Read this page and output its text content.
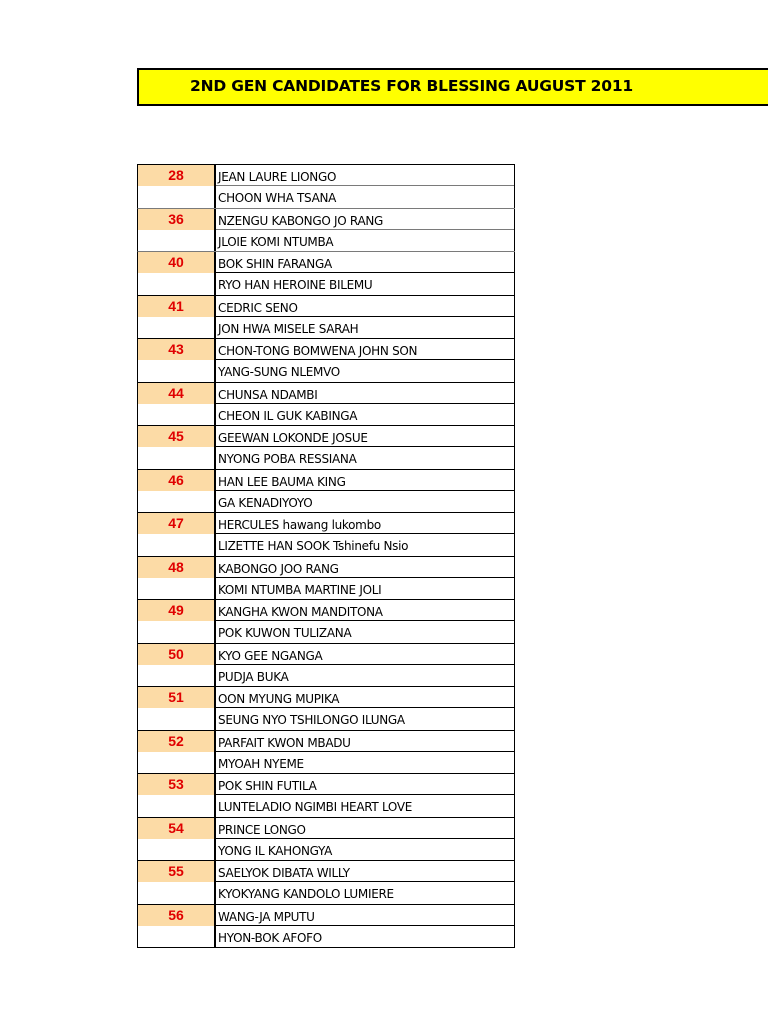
2ND GEN CANDIDATES FOR BLESSING AUGUST 2011
28	JEAN LAURE LIONGO
CHOON WHA TSANA
36	NZENGU KABONGO JO RANG
JLOIE KOMI NTUMBA
40	BOK SHIN FARANGA
RYO HAN HEROINE BILEMU
41	CEDRIC SENO
JON HWA MISELE SARAH
43	CHON-TONG BOMWENA JOHN SON
YANG-SUNG NLEMVO
44	CHUNSA NDAMBI
CHEON IL GUK KABINGA
45	GEEWAN LOKONDE JOSUE
NYONG POBA RESSIANA
46	HAN LEE BAUMA KING
GA KENADIYOYO
47	HERCULES hawang lukombo
LIZETTE HAN SOOK Tshinefu Nsio
48	KABONGO JOO RANG
KOMI NTUMBA MARTINE JOLI
49	KANGHA KWON MANDITONA
POK KUWON TULIZANA
50	KYO GEE NGANGA
PUDJA BUKA
51	OON MYUNG MUPIKA
SEUNG NYO TSHILONGO ILUNGA
52	PARFAIT KWON MBADU
MYOAH NYEME
53	POK SHIN FUTILA
LUNTELADIO NGIMBI HEART LOVE
54	PRINCE LONGO
YONG IL KAHONGYA
55	SAELYOK DIBATA WILLY
KYOKYANG KANDOLO LUMIERE
56	WANG-JA MPUTU
HYON-BOK AFOFO
